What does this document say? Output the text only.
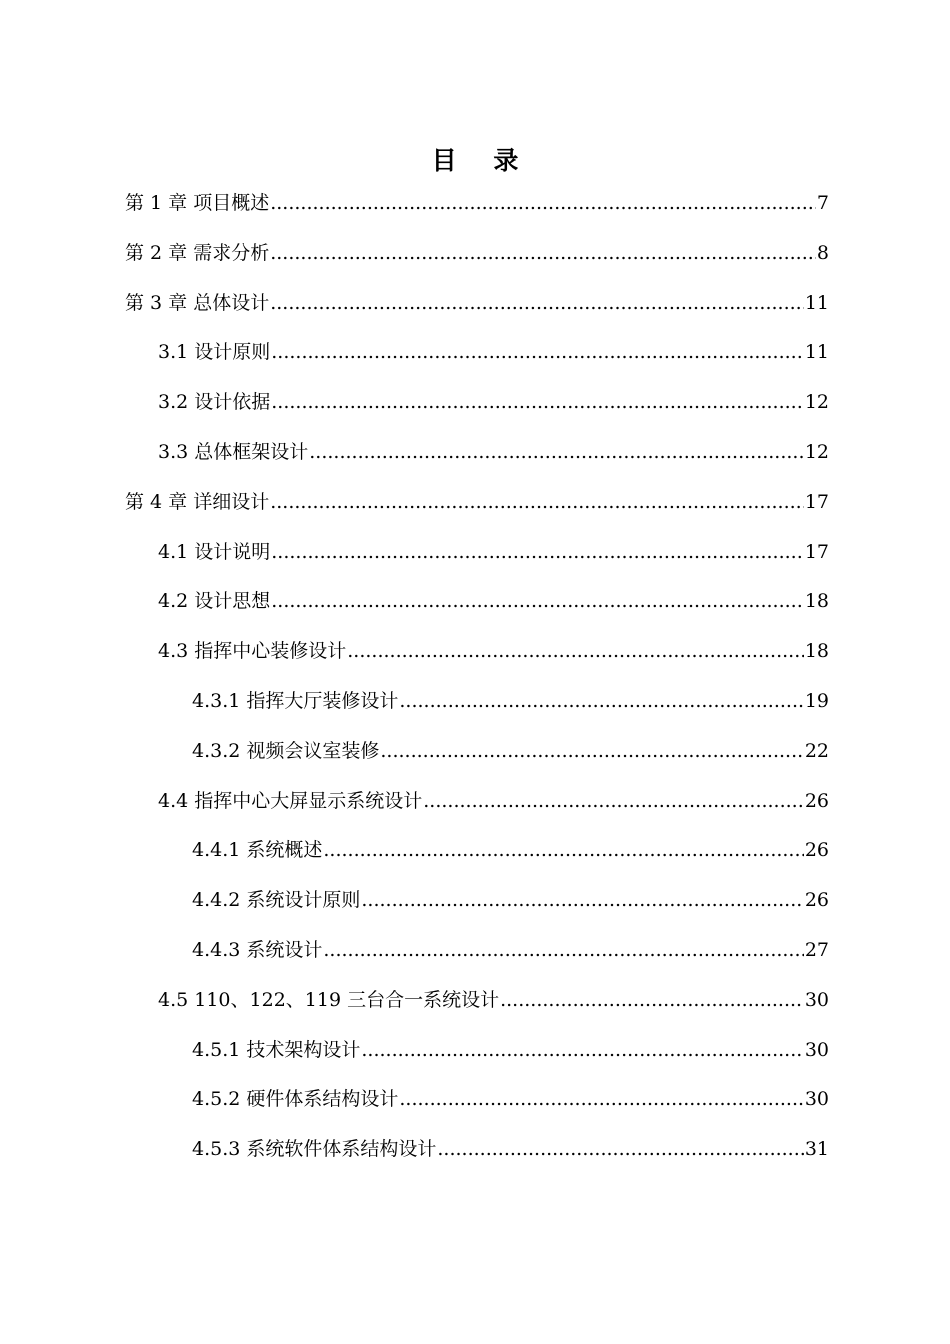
目 录
第 1 章 项目概述 .....	7
第 2 章 需求分析 .....	8
第 3 章 总体设计 .....	11
3.1 设计原则 .....	11
3.2 设计依据 .....	12
3.3 总体框架设计 .....	12
第 4 章 详细设计 .....	17
4.1 设计说明 .....	17
4.2 设计思想 .....	18
4.3 指挥中心装修设计 .....	18
4.3.1 指挥大厅装修设计 .....	19
4.3.2 视频会议室装修 .....	22
4.4 指挥中心大屏显示系统设计 .....	26
4.4.1 系统概述 .....	26
4.4.2 系统设计原则 .....	26
4.4.3 系统设计 .....	27
4.5 110、122、119 三台合一系统设计 .....	30
4.5.1 技术架构设计 .....	30
4.5.2 硬件体系结构设计 .....	30
4.5.3 系统软件体系结构设计 .....	31
